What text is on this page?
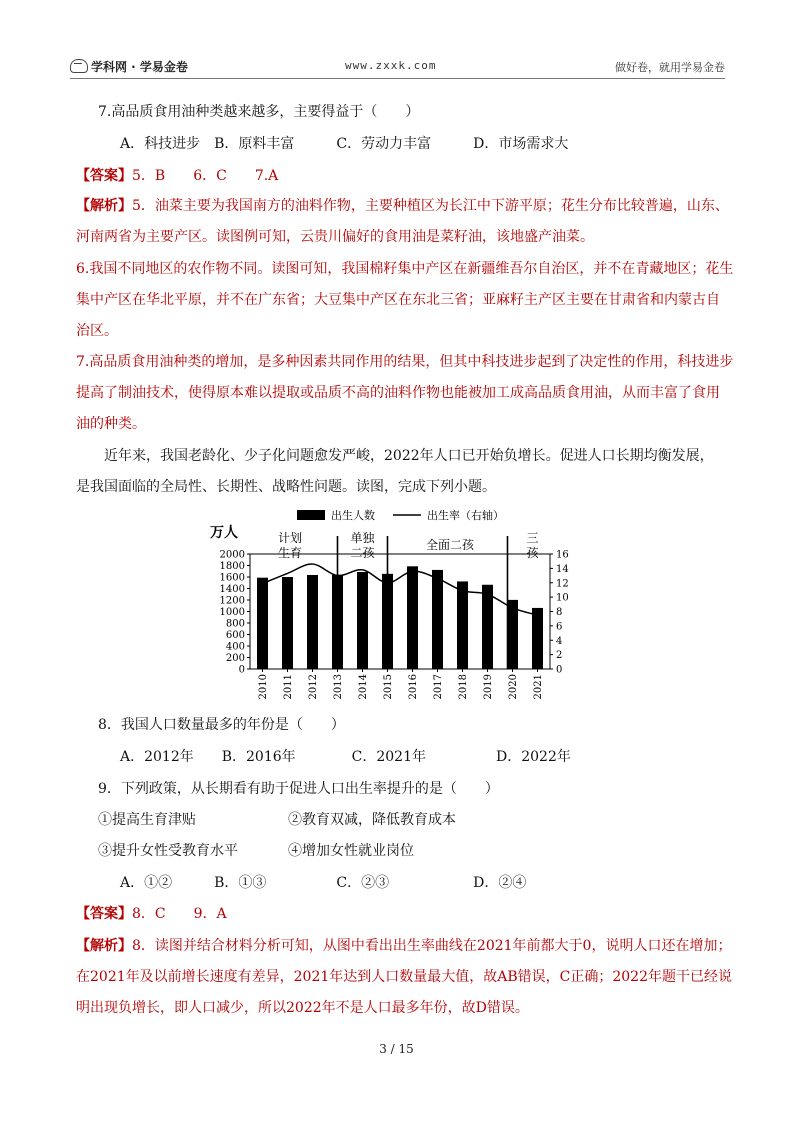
学科网 · 学易金卷	www.zxxk.com	做好卷，就用学易金卷
7.高品质食用油种类越来越多，主要得益于（　　）
A．科技进步　B．原料丰富　　　C．劳动力丰富　　　D．市场需求大
【答案】5．B　　6．C　　7.A
【解析】5．油菜主要为我国南方的油料作物，主要种植区为长江中下游平原；花生分布比较普遍，山东、
河南两省为主要产区。读图例可知，云贵川偏好的食用油是菜籽油，该地盛产油菜。
6.我国不同地区的农作物不同。读图可知，我国棉籽集中产区在新疆维吾尔自治区，并不在青藏地区；花生
集中产区在华北平原，并不在广东省；大豆集中产区在东北三省；亚麻籽主产区主要在甘肃省和内蒙古自
治区。
7.高品质食用油种类的增加，是多种因素共同作用的结果，但其中科技进步起到了决定性的作用，科技进步
提高了制油技术，使得原本难以提取或品质不高的油料作物也能被加工成高品质食用油，从而丰富了食用
油的种类。
近年来，我国老龄化、少子化问题愈发严峻，2022年人口已开始负增长。促进人口长期均衡发展，
是我国面临的全局性、长期性、战略性问题。读图，完成下列小题。
出生人数	出生率（右轴）
万人
0
200
400
600
800
1000
1200
1400
1600
1800
2000
0
2
4
6
8
10
12
14
16
2010 2011 2012 2013 2014 2015 2016 2017 2018 2019 2020 2021
计划
生育
单独
二孩
全面二孩	三
孩
8．我国人口数量最多的年份是（　　）
A．2012年　　B．2016年　　　　C．2021年　　　　　D．2022年
9．下列政策，从长期看有助于促进人口出生率提升的是（　　）
①提高生育津贴	②教育双减，降低教育成本
③提升女性受教育水平	④增加女性就业岗位
A．①②　　　B．①③　　　　　C．②③　　　　　　D．②④
【答案】8．C　　9．A
【解析】8．读图并结合材料分析可知，从图中看出出生率曲线在2021年前都大于0，说明人口还在增加；
在2021年及以前增长速度有差异，2021年达到人口数量最大值，故AB错误，C正确；2022年题干已经说
明出现负增长，即人口减少，所以2022年不是人口最多年份，故D错误。
3 / 15
